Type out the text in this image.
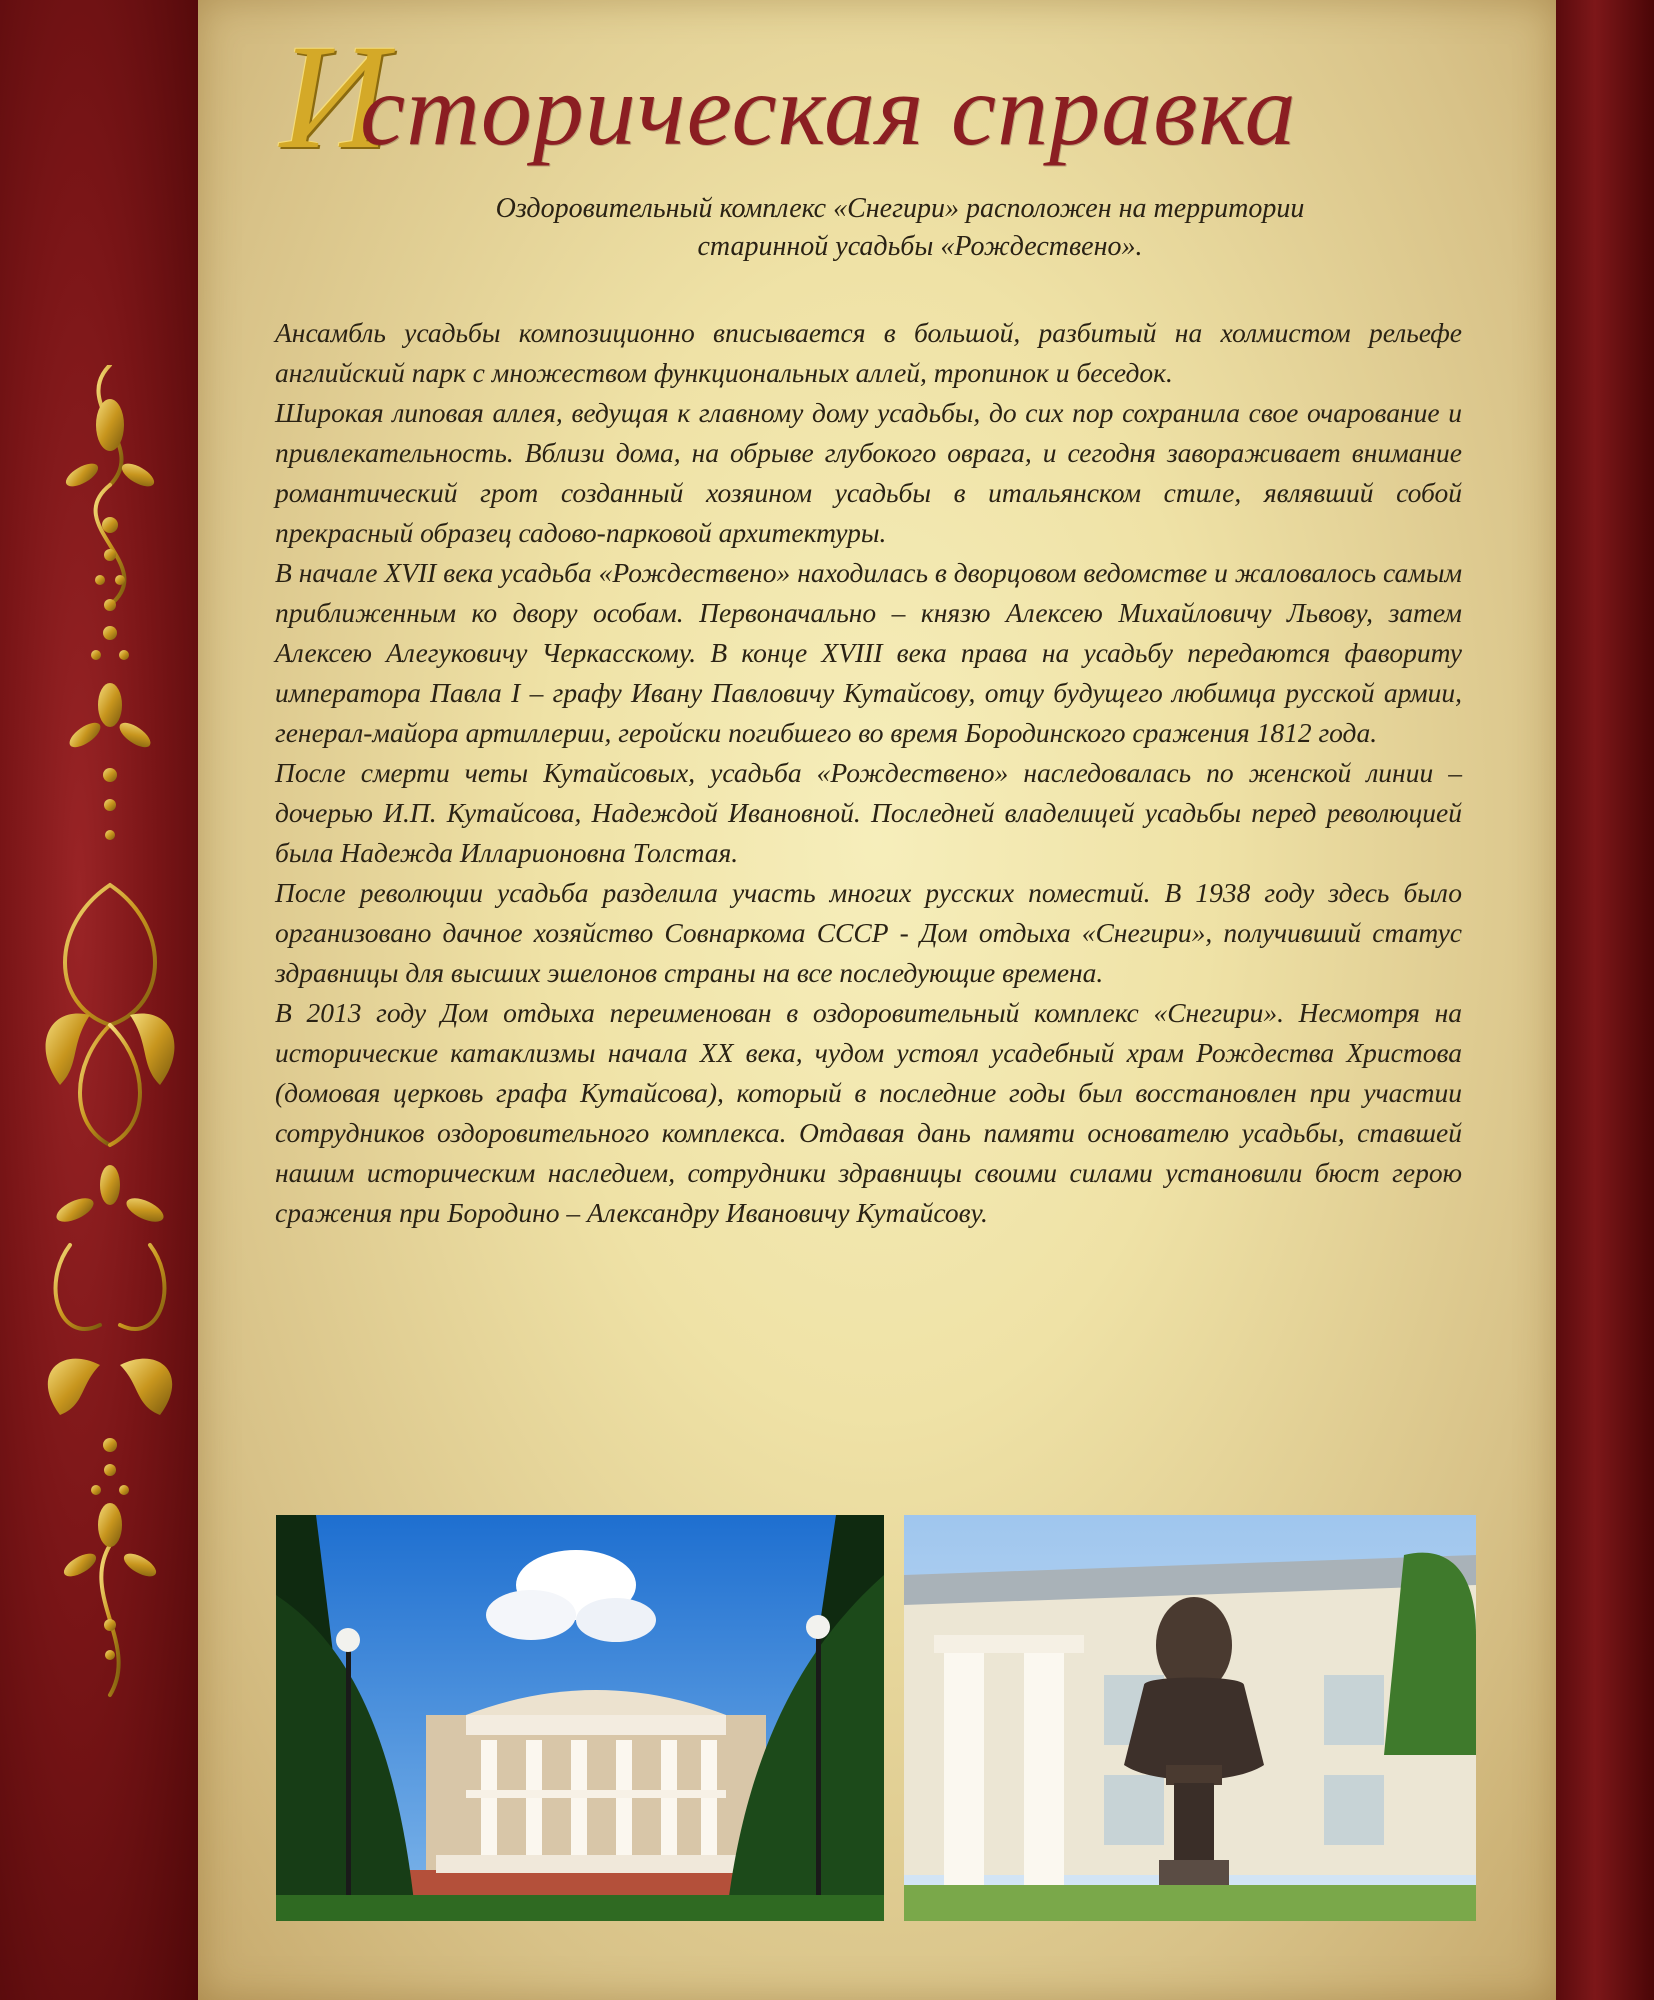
И
сторическая справка
Оздоровительный комплекс «Снегири» расположен на территории
старинной усадьбы «Рождествено».

Ансамбль усадьбы композиционно вписывается в большой, разбитый на холмистом рельефе английский парк с множеством функциональных аллей, тропинок и беседок.

Широкая липовая аллея, ведущая к главному дому усадьбы, до сих пор сохранила свое очарование и привлекательность. Вблизи дома, на обрыве глубокого оврага, и сегодня завораживает внимание романтический грот созданный хозяином усадьбы в итальянском стиле, являвший собой прекрасный образец садово-парковой архитектуры.

В начале XVII века усадьба «Рождествено» находилась в дворцовом ведомстве и жаловалось самым приближенным ко двору особам. Первоначально – князю Алексею Михайловичу Львову, затем Алексею Алегуковичу Черкасскому. В конце XVIII века права на усадьбу передаются фавориту императора Павла I – графу Ивану Павловичу Кутайсову, отцу будущего любимца русской армии, генерал-майора артиллерии, геройски погибшего во время Бородинского сражения 1812 года.

После смерти четы Кутайсовых, усадьба «Рождествено» наследовалась по женской линии – дочерью И.П. Кутайсова, Надеждой Ивановной. Последней владелицей усадьбы перед революцией была Надежда Илларионовна Толстая.

После революции усадьба разделила участь многих русских поместий. В 1938 году здесь было организовано дачное хозяйство Совнаркома СССР - Дом отдыха «Снегири», получивший статус здравницы для высших эшелонов страны на все последующие времена.

В 2013 году Дом отдыха переименован в оздоровительный комплекс «Снегири». Несмотря на исторические катаклизмы начала XX века, чудом устоял усадебный храм Рождества Христова (домовая церковь графа Кутайсова), который в последние годы был восстановлен при участии сотрудников оздоровительного комплекса. Отдавая дань памяти основателю усадьбы, ставшей нашим историческим наследием, сотрудники здравницы своими силами установили бюст герою сражения при Бородино – Александру Ивановичу Кутайсову.
